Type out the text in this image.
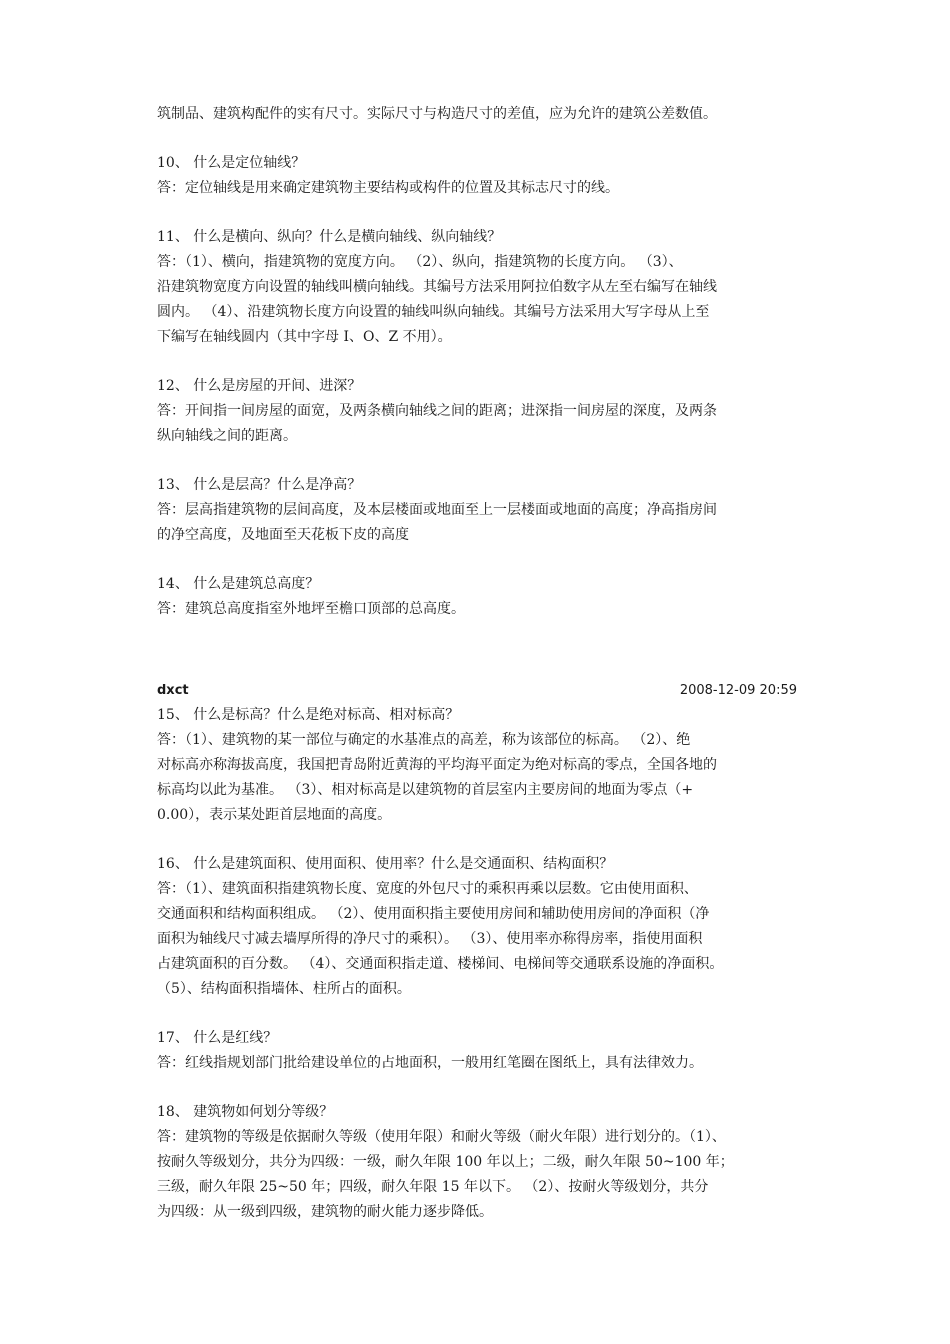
筑制品、建筑构配件的实有尺寸。实际尺寸与构造尺寸的差值，应为允许的建筑公差数值。
10、 什么是定位轴线？
答：定位轴线是用来确定建筑物主要结构或构件的位置及其标志尺寸的线。
11、 什么是横向、纵向？什么是横向轴线、纵向轴线？
答：（1）、横向，指建筑物的宽度方向。 （2）、纵向，指建筑物的长度方向。 （3）、
沿建筑物宽度方向设置的轴线叫横向轴线。其编号方法采用阿拉伯数字从左至右编写在轴线
圆内。 （4）、沿建筑物长度方向设置的轴线叫纵向轴线。其编号方法采用大写字母从上至
下编写在轴线圆内（其中字母 I、O、Z 不用）。
12、 什么是房屋的开间、进深？
答：开间指一间房屋的面宽，及两条横向轴线之间的距离；进深指一间房屋的深度，及两条
纵向轴线之间的距离。
13、 什么是层高？什么是净高？
答：层高指建筑物的层间高度，及本层楼面或地面至上一层楼面或地面的高度；净高指房间
的净空高度，及地面至天花板下皮的高度
14、 什么是建筑总高度？
答：建筑总高度指室外地坪至檐口顶部的总高度。
dxct	2008-12-09 20:59
15、 什么是标高？什么是绝对标高、相对标高？
答：（1）、建筑物的某一部位与确定的水基准点的高差，称为该部位的标高。 （2）、绝
对标高亦称海拔高度，我国把青岛附近黄海的平均海平面定为绝对标高的零点，全国各地的
标高均以此为基准。 （3）、相对标高是以建筑物的首层室内主要房间的地面为零点（+
0.00），表示某处距首层地面的高度。
16、 什么是建筑面积、使用面积、使用率？什么是交通面积、结构面积？
答：（1）、建筑面积指建筑物长度、宽度的外包尺寸的乘积再乘以层数。它由使用面积、
交通面积和结构面积组成。 （2）、使用面积指主要使用房间和辅助使用房间的净面积（净
面积为轴线尺寸减去墙厚所得的净尺寸的乘积）。 （3）、使用率亦称得房率，指使用面积
占建筑面积的百分数。 （4）、交通面积指走道、楼梯间、电梯间等交通联系设施的净面积。
（5）、结构面积指墙体、柱所占的面积。
17、 什么是红线？
答：红线指规划部门批给建设单位的占地面积，一般用红笔圈在图纸上，具有法律效力。
18、 建筑物如何划分等级？
答：建筑物的等级是依据耐久等级（使用年限）和耐火等级（耐火年限）进行划分的。（1）、
按耐久等级划分，共分为四级：一级，耐久年限 100 年以上；二级，耐久年限 50~100 年；
三级，耐久年限 25~50 年；四级，耐久年限 15 年以下。 （2）、按耐火等级划分，共分
为四级：从一级到四级，建筑物的耐火能力逐步降低。
